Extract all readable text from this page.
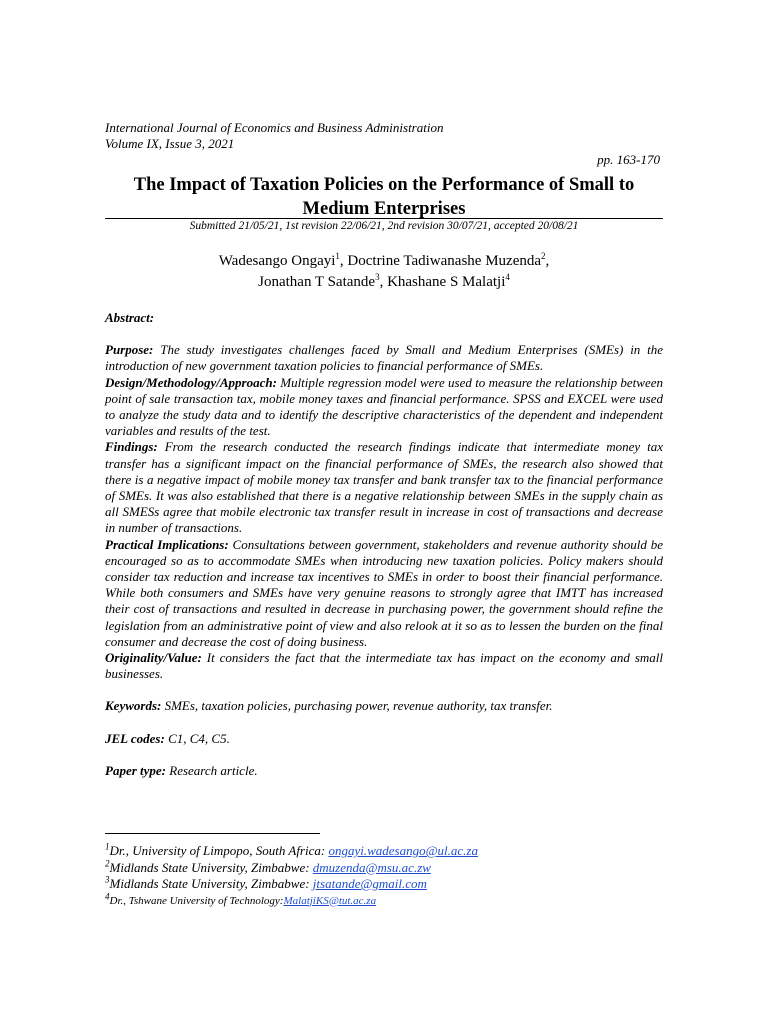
International Journal of Economics and Business Administration
Volume IX, Issue 3, 2021
pp. 163-170
The Impact of Taxation Policies on the Performance of Small to Medium Enterprises
Submitted 21/05/21, 1st revision 22/06/21, 2nd revision 30/07/21, accepted 20/08/21
Wadesango Ongayi$^1$, Doctrine Tadiwanashe Muzenda$^2$,
Jonathan T Satande$^3$, Khashane S Malatji$^4$

Abstract:

Purpose: The study investigates challenges faced by Small and Medium Enterprises (SMEs) in the introduction of new government taxation policies to financial performance of SMEs.

Design/Methodology/Approach: Multiple regression model were used to measure the relationship between point of sale transaction tax, mobile money taxes and financial performance. SPSS and EXCEL were used to analyze the study data and to identify the descriptive characteristics of the dependent and independent variables and results of the test.

Findings: From the research conducted the research findings indicate that intermediate money tax transfer has a significant impact on the financial performance of SMEs, the research also showed that there is a negative impact of mobile money tax transfer and bank transfer tax to the financial performance of SMEs. It was also established that there is a negative relationship between SMEs in the supply chain as all SMESs agree that mobile electronic tax transfer result in increase in cost of transactions and decrease in number of transactions.

Practical Implications: Consultations between government, stakeholders and revenue authority should be encouraged so as to accommodate SMEs when introducing new taxation policies. Policy makers should consider tax reduction and increase tax incentives to SMEs in order to boost their financial performance. While both consumers and SMEs have very genuine reasons to strongly agree that IMTT has increased their cost of transactions and resulted in decrease in purchasing power, the government should refine the legislation from an administrative point of view and also relook at it so as to lessen the burden on the final consumer and decrease the cost of doing business.

Originality/Value: It considers the fact that the intermediate tax has impact on the economy and small businesses.

Keywords: SMEs, taxation policies, purchasing power, revenue authority, tax transfer.

JEL codes: C1, C4, C5.

Paper type: Research article.

$^1$Dr., University of Limpopo, South Africa: ongayi.wadesango@ul.ac.za
$^2$Midlands State University, Zimbabwe: dmuzenda@msu.ac.zw
$^3$Midlands State University, Zimbabwe: jtsatande@gmail.com
$^4$Dr., Tshwane University of Technology:MalatjiKS@tut.ac.za
